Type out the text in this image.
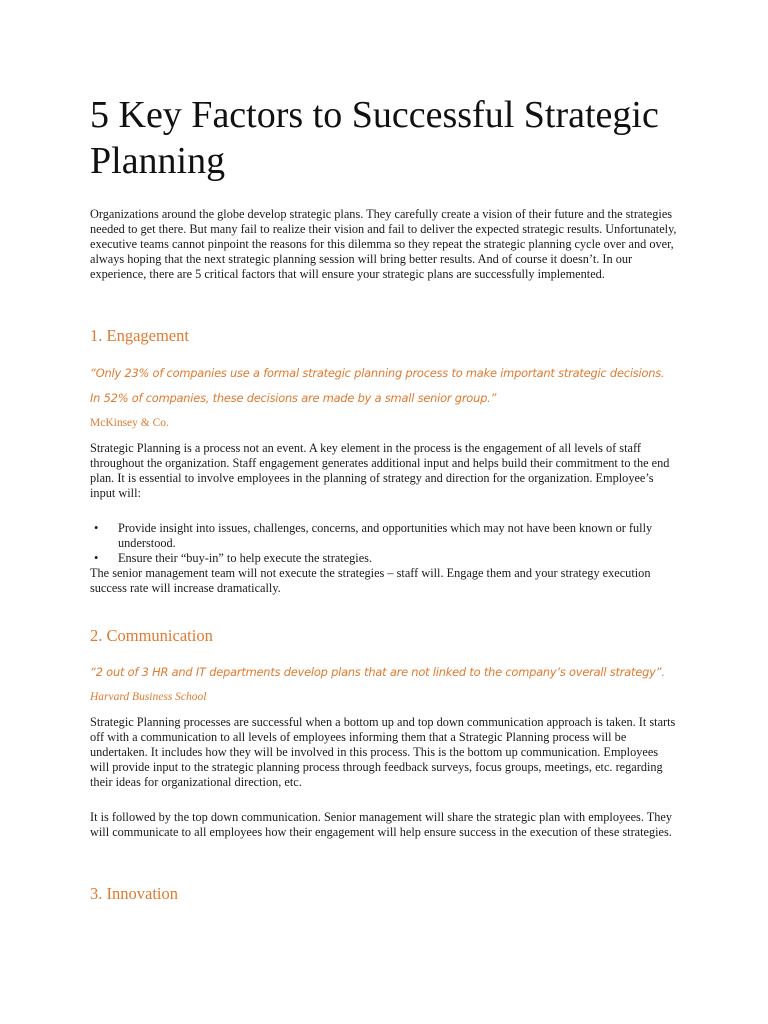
5 Key Factors to Successful Strategic Planning

Organizations around the globe develop strategic plans. They carefully create a vision of their future and the strategies needed to get there. But many fail to realize their vision and fail to deliver the expected strategic results. Unfortunately, executive teams cannot pinpoint the reasons for this dilemma so they repeat the strategic planning cycle over and over, always hoping that the next strategic planning session will bring better results. And of course it doesn’t. In our experience, there are 5 critical factors that will ensure your strategic plans are successfully implemented.

1. Engagement

“Only 23% of companies use a formal strategic planning process to make important strategic decisions.

In 52% of companies, these decisions are made by a small senior group.”

McKinsey & Co.

Strategic Planning is a process not an event. A key element in the process is the engagement of all levels of staff throughout the organization. Staff engagement generates additional input and helps build their commitment to the end plan. It is essential to involve employees in the planning of strategy and direction for the organization. Employee’s input will:

• Provide insight into issues, challenges, concerns, and opportunities which may not have been known or fully understood.
• Ensure their “buy-in” to help execute the strategies.

The senior management team will not execute the strategies – staff will. Engage them and your strategy execution success rate will increase dramatically.

2. Communication

“2 out of 3 HR and IT departments develop plans that are not linked to the company’s overall strategy”.

Harvard Business School

Strategic Planning processes are successful when a bottom up and top down communication approach is taken. It starts off with a communication to all levels of employees informing them that a Strategic Planning process will be undertaken. It includes how they will be involved in this process. This is the bottom up communication. Employees will provide input to the strategic planning process through feedback surveys, focus groups, meetings, etc. regarding their ideas for organizational direction, etc.

It is followed by the top down communication. Senior management will share the strategic plan with employees. They will communicate to all employees how their engagement will help ensure success in the execution of these strategies.

3. Innovation
